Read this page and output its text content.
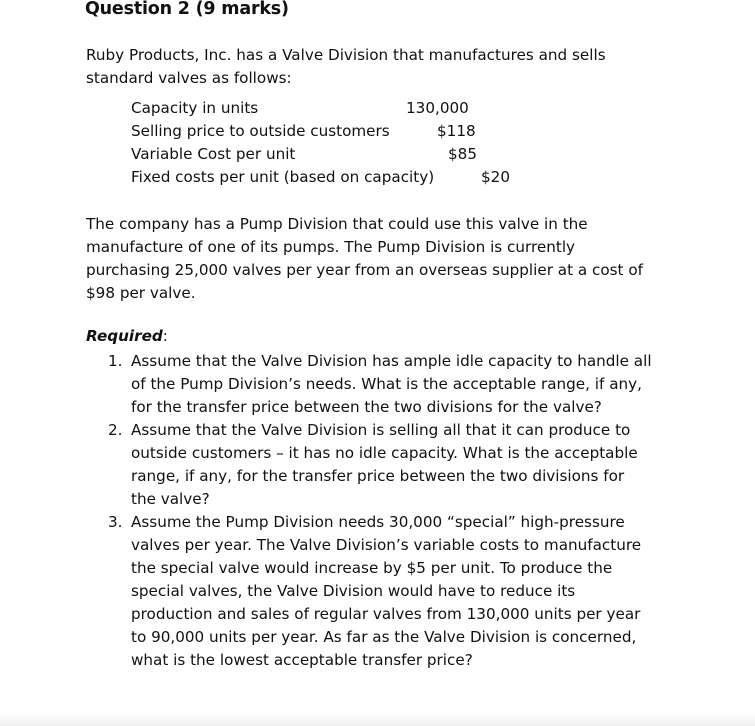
Question 2 (9 marks)
Ruby Products, Inc. has a Valve Division that manufactures and sells
standard valves as follows:
Capacity in units	130,000
Selling price to outside customers	$118
Variable Cost per unit	$85
Fixed costs per unit (based on capacity)	$20
The company has a Pump Division that could use this valve in the
manufacture of one of its pumps. The Pump Division is currently
purchasing 25,000 valves per year from an overseas supplier at a cost of
$98 per valve.
Required:
1. Assume that the Valve Division has ample idle capacity to handle all
of the Pump Division’s needs. What is the acceptable range, if any,
for the transfer price between the two divisions for the valve?
2. Assume that the Valve Division is selling all that it can produce to
outside customers – it has no idle capacity. What is the acceptable
range, if any, for the transfer price between the two divisions for
the valve?
3. Assume the Pump Division needs 30,000 “special” high-pressure
valves per year. The Valve Division’s variable costs to manufacture
the special valve would increase by $5 per unit. To produce the
special valves, the Valve Division would have to reduce its
production and sales of regular valves from 130,000 units per year
to 90,000 units per year. As far as the Valve Division is concerned,
what is the lowest acceptable transfer price?
